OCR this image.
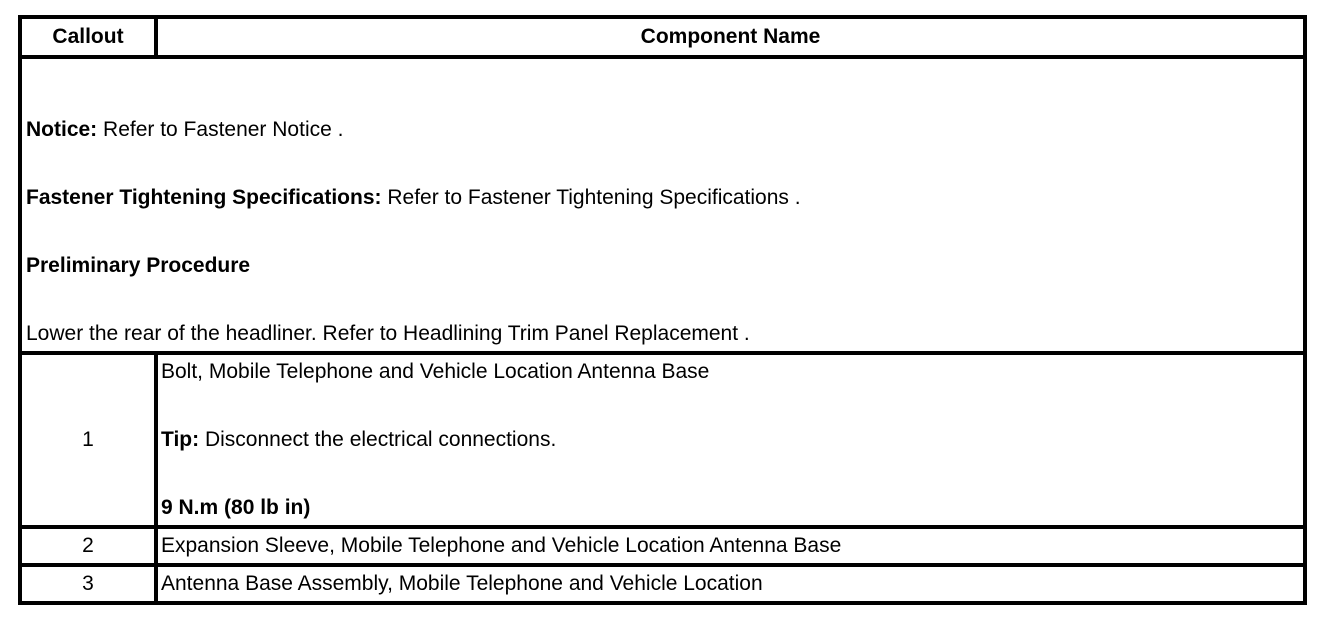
Callout	Component Name

Notice: Refer to Fastener Notice .

Fastener Tightening Specifications: Refer to Fastener Tightening Specifications .

Preliminary Procedure

Lower the rear of the headliner. Refer to Headlining Trim Panel Replacement .	

1	Bolt, Mobile Telephone and Vehicle Location Antenna Base

Tip: Disconnect the electrical connections.

9 N.m (80 lb in)

2	Expansion Sleeve, Mobile Telephone and Vehicle Location Antenna Base
3	Antenna Base Assembly, Mobile Telephone and Vehicle Location
